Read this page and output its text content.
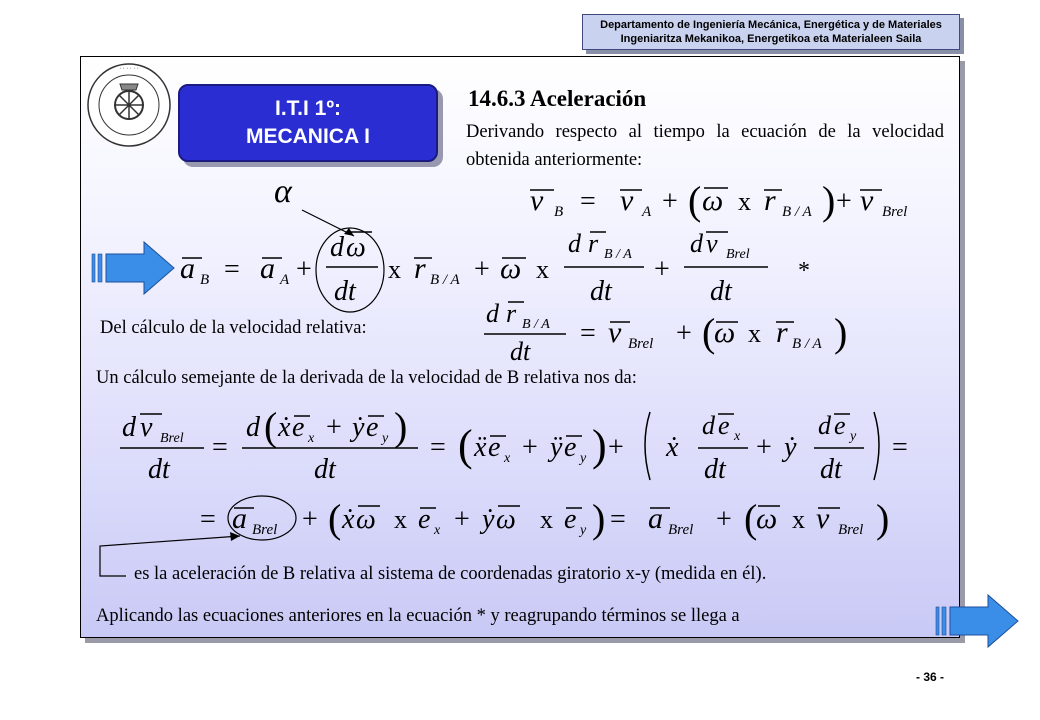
Departamento de Ingeniería Mecánica, Energética y de Materiales
Ingeniaritza Mekanikoa, Energetikoa eta Materialeen Saila
· · · · · ·
I.T.I 1º:
MECANICA I
14.6.3 Aceleración
Derivando respecto al tiempo la ecuación de la velocidad obtenida anteriormente:
v B = v A + ( ω x r B / A ) + v Brel
α
a B = a A +
d ω
dt
x r B / A + ω x
d r B / A
dt
+
d v Brel
dt
*
Del cálculo de la velocidad relativa:	d r B / A
dt
= v Brel + (
ω x r B / A )
Un cálculo semejante de la derivada de la velocidad de B relativa nos da:
d v Brel
dt
=
d ( ẋ e x + ẏ e y )
dt
= ( ẍ e x + ÿ e y ) + ẋ
d e x
dt
+ ẏ
d e y
dt
=
= a Brel + ( ẋ ω x e x + ẏ ω x e y ) = a Brel + (
ω x v Brel )
es la aceleración de B relativa al sistema de coordenadas giratorio x-y (medida en él).
Aplicando las ecuaciones anteriores en la ecuación * y reagrupando términos se llega a
- 36 -
